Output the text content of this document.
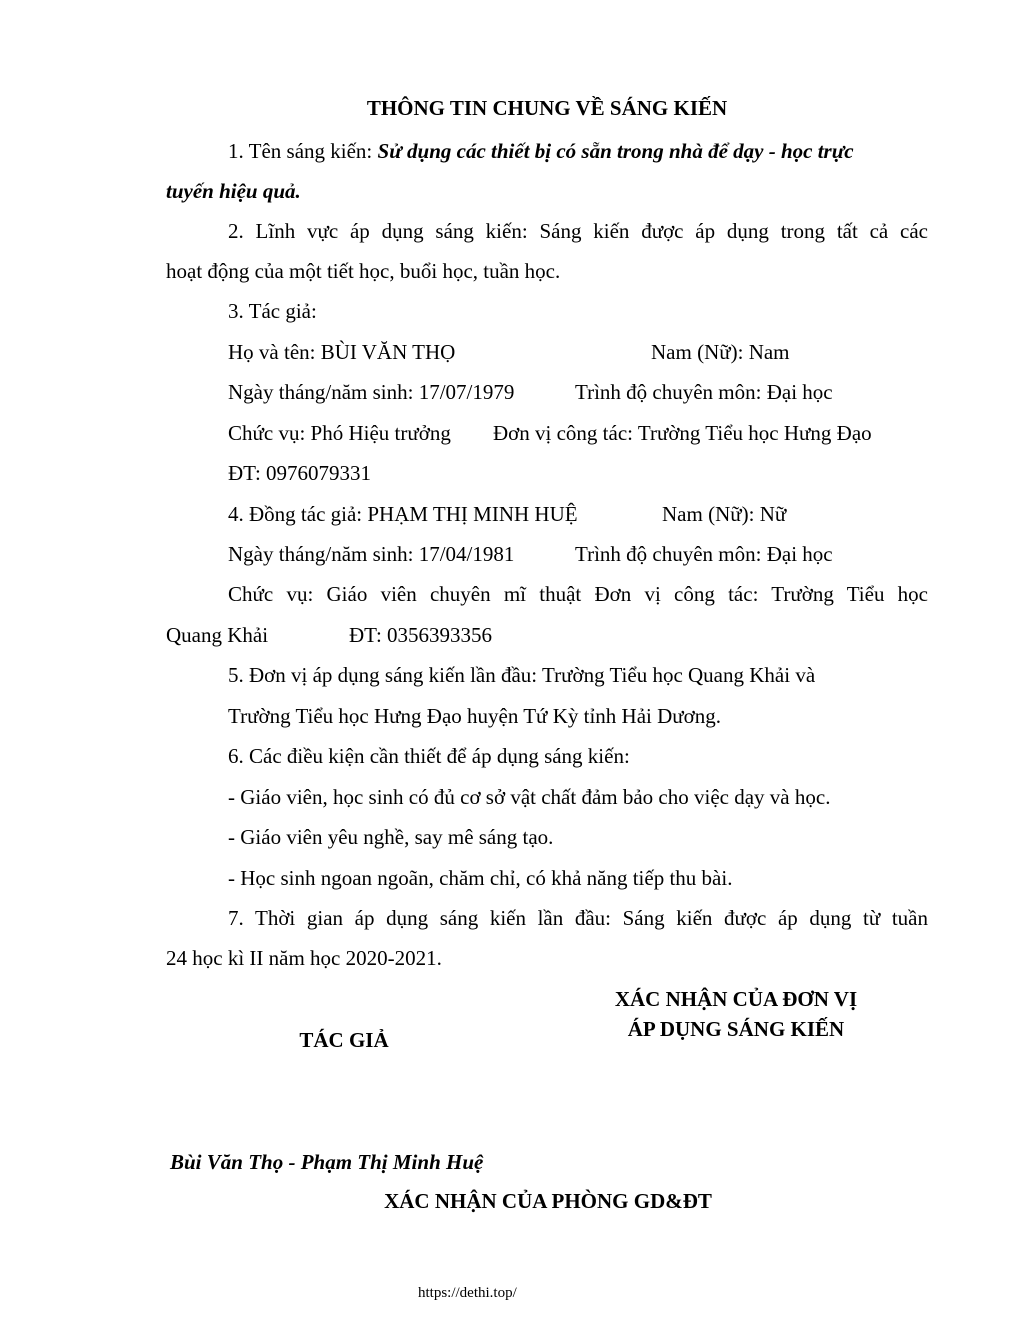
THÔNG TIN CHUNG VỀ SÁNG KIẾN
1. Tên sáng kiến: Sử dụng các thiết bị có sẵn trong nhà để dạy - học trực
tuyến hiệu quả.
2. Lĩnh vực áp dụng sáng kiến: Sáng kiến được áp dụng trong tất cả các
hoạt động của một tiết học, buổi học, tuần học.
3. Tác giả:
Họ và tên: BÙI VĂN THỌ	Nam (Nữ): Nam
Ngày tháng/năm sinh: 17/07/1979	Trình độ chuyên môn: Đại học
Chức vụ: Phó Hiệu trưởng Đơn vị công tác: Trường Tiểu học Hưng Đạo
ĐT: 0976079331
4. Đồng tác giả: PHẠM THỊ MINH HUỆ	Nam (Nữ): Nữ
Ngày tháng/năm sinh: 17/04/1981	Trình độ chuyên môn: Đại học
Chức vụ: Giáo viên chuyên mĩ thuật Đơn vị công tác: Trường Tiểu học
Quang Khải	ĐT: 0356393356
5. Đơn vị áp dụng sáng kiến lần đầu: Trường Tiểu học Quang Khải và
Trường Tiểu học Hưng Đạo huyện Tứ Kỳ tỉnh Hải Dương.
6. Các điều kiện cần thiết để áp dụng sáng kiến:
- Giáo viên, học sinh có đủ cơ sở vật chất đảm bảo cho việc dạy và học.
- Giáo viên yêu nghề, say mê sáng tạo.
- Học sinh ngoan ngoãn, chăm chỉ, có khả năng tiếp thu bài.
7. Thời gian áp dụng sáng kiến lần đầu: Sáng kiến được áp dụng từ tuần
24 học kì II năm học 2020-2021.
XÁC NHẬN CỦA ĐƠN VỊ
ÁP DỤNG SÁNG KIẾN
TÁC GIẢ
Bùi Văn Thọ - Phạm Thị Minh Huệ
XÁC NHẬN CỦA PHÒNG GD&ĐT
https://dethi.top/
